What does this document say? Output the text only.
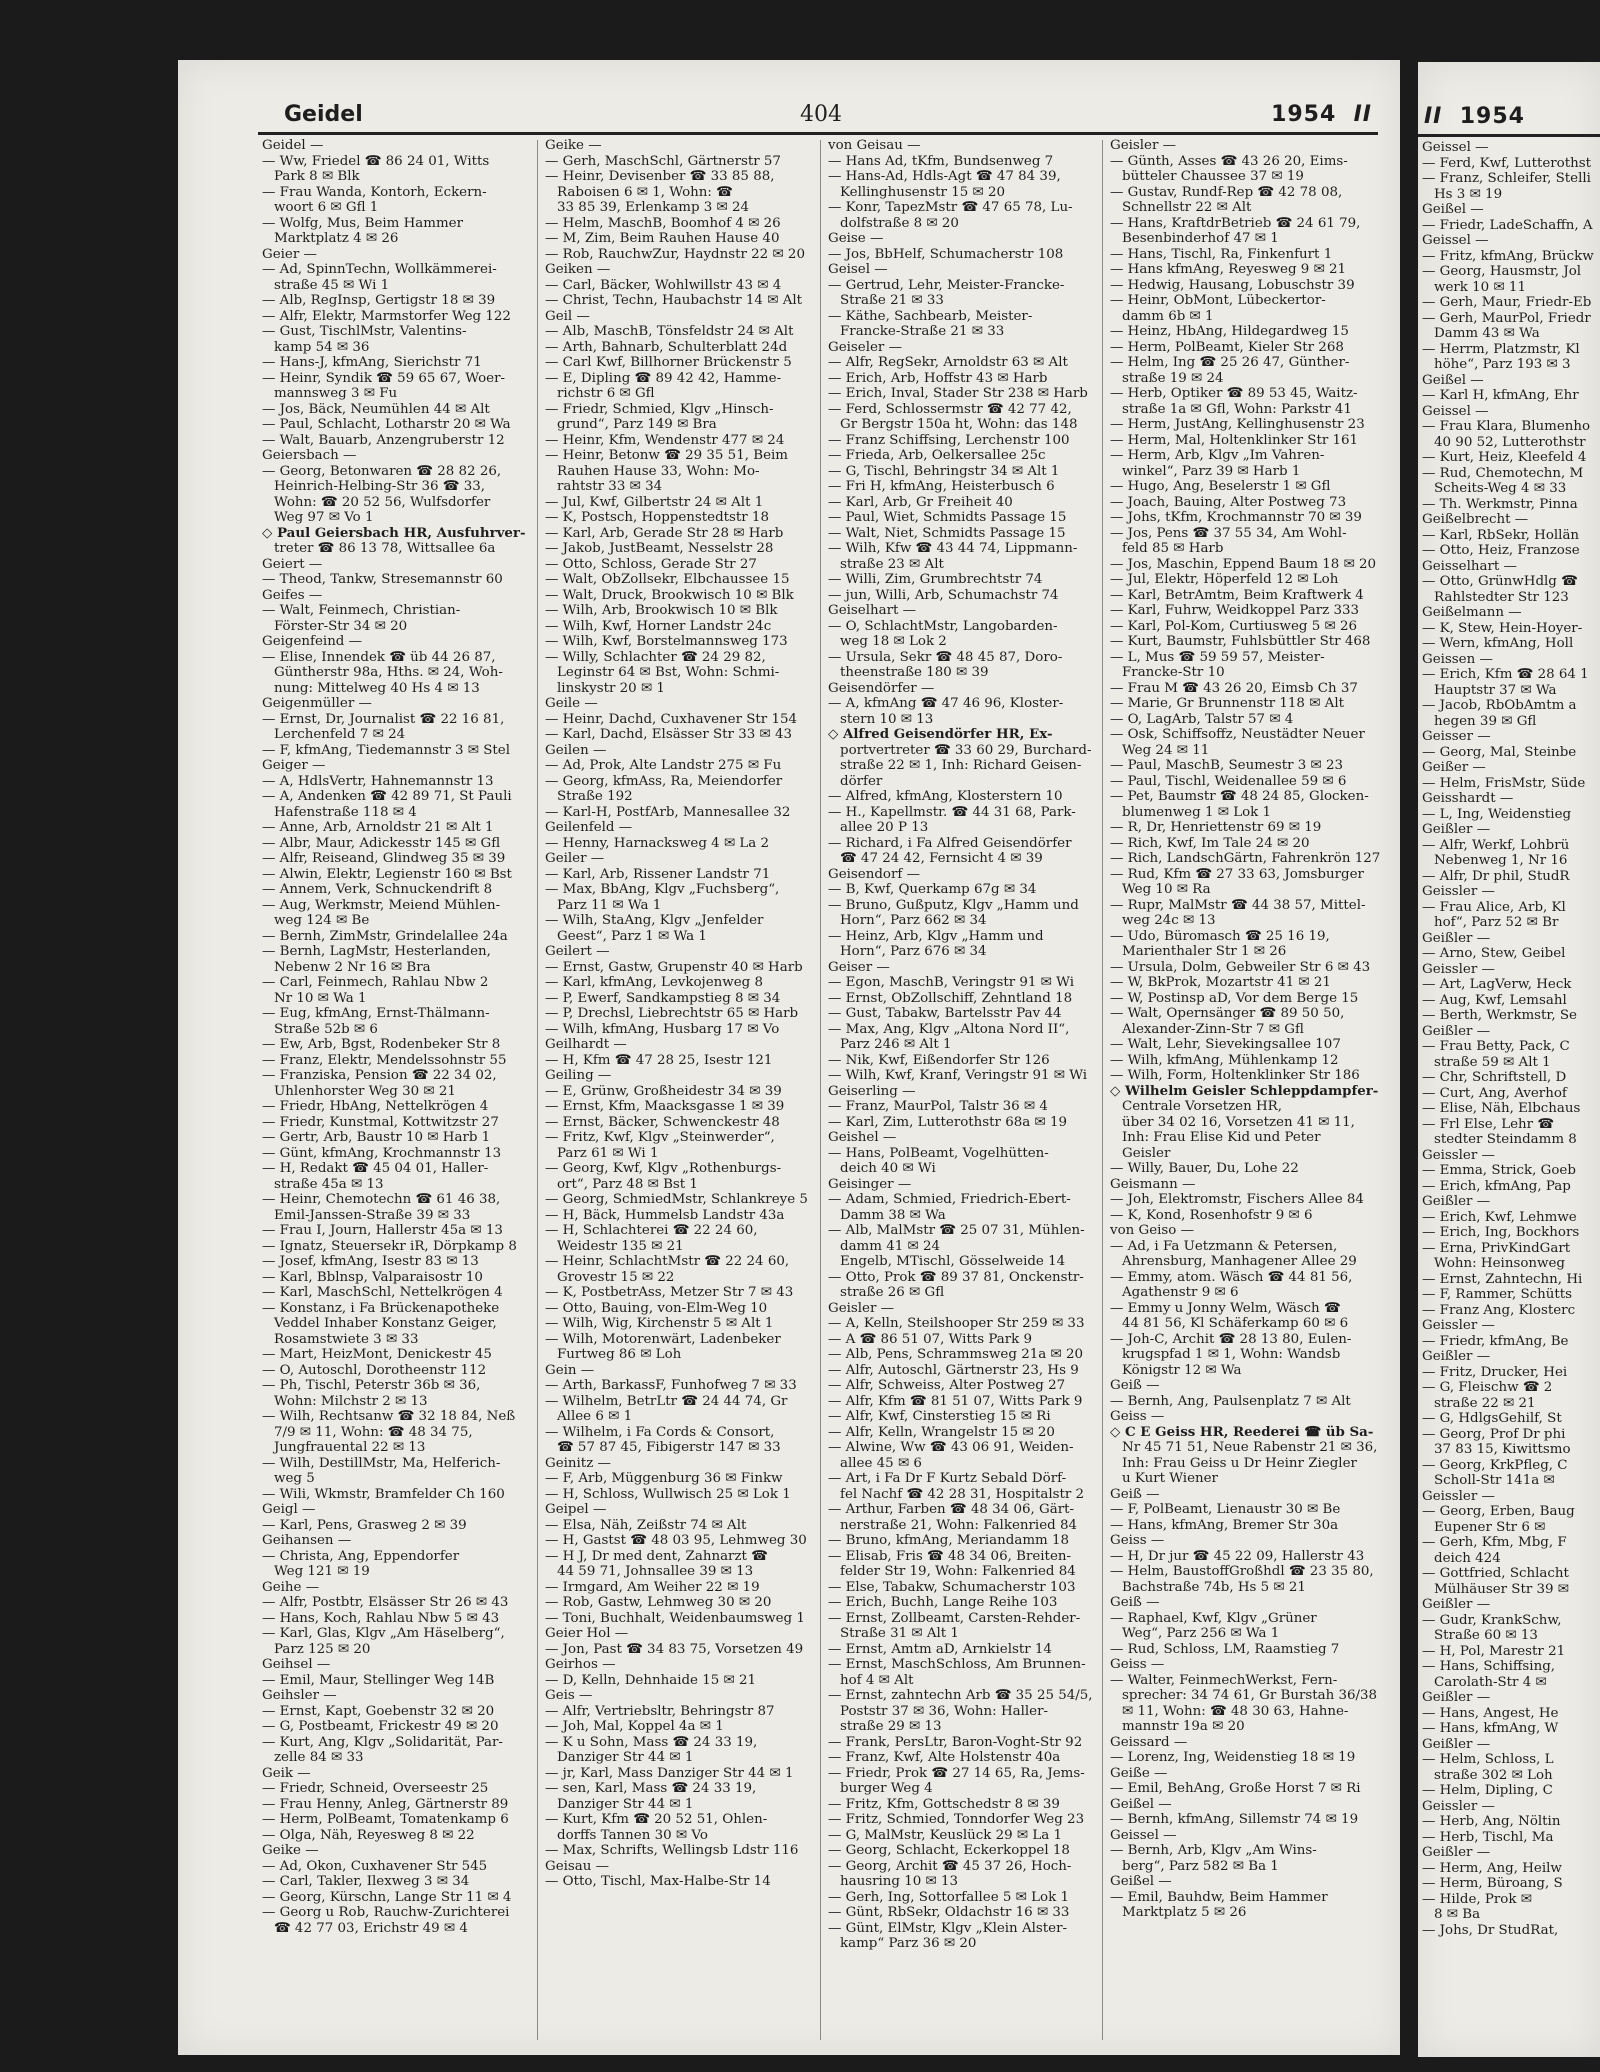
Geidel	404	1954 II
Geidel —
— Ww, Friedel ☎ 86 24 01, Witts
Park 8 ✉ Blk
— Frau Wanda, Kontorh, Eckern-
woort 6 ✉ Gfl 1
— Wolfg, Mus, Beim Hammer
Marktplatz 4 ✉ 26
Geier —
— Ad, SpinnTechn, Wollkämmerei-
straße 45 ✉ Wi 1
— Alb, RegInsp, Gertigstr 18 ✉ 39
— Alfr, Elektr, Marmstorfer Weg 122
— Gust, TischlMstr, Valentins-
kamp 54 ✉ 36
— Hans-J, kfmAng, Sierichstr 71
— Heinr, Syndik ☎ 59 65 67, Woer-
mannsweg 3 ✉ Fu
— Jos, Bäck, Neumühlen 44 ✉ Alt
— Paul, Schlacht, Lotharstr 20 ✉ Wa
— Walt, Bauarb, Anzengruberstr 12
Geiersbach —
— Georg, Betonwaren ☎ 28 82 26,
Heinrich-Helbing-Str 36 ☎ 33,
Wohn: ☎ 20 52 56, Wulfsdorfer
Weg 97 ✉ Vo 1
◇ Paul Geiersbach HR, Ausfuhrver-
treter ☎ 86 13 78, Wittsallee 6a
Geiert —
— Theod, Tankw, Stresemannstr 60
Geifes —
— Walt, Feinmech, Christian-
Förster-Str 34 ✉ 20
Geigenfeind —
— Elise, Innendek ☎ üb 44 26 87,
Güntherstr 98a, Hths. ✉ 24, Woh-
nung: Mittelweg 40 Hs 4 ✉ 13
Geigenmüller —
— Ernst, Dr, Journalist ☎ 22 16 81,
Lerchenfeld 7 ✉ 24
— F, kfmAng, Tiedemannstr 3 ✉ Stel
Geiger —
— A, HdlsVertr, Hahnemannstr 13
— A, Andenken ☎ 42 89 71, St Pauli
Hafenstraße 118 ✉ 4
— Anne, Arb, Arnoldstr 21 ✉ Alt 1
— Albr, Maur, Adickesstr 145 ✉ Gfl
— Alfr, Reiseand, Glindweg 35 ✉ 39
— Alwin, Elektr, Legienstr 160 ✉ Bst
— Annem, Verk, Schnuckendrift 8
— Aug, Werkmstr, Meiend Mühlen-
weg 124 ✉ Be
— Bernh, ZimMstr, Grindelallee 24a
— Bernh, LagMstr, Hesterlanden,
Nebenw 2 Nr 16 ✉ Bra
— Carl, Feinmech, Rahlau Nbw 2
Nr 10 ✉ Wa 1
— Eug, kfmAng, Ernst-Thälmann-
Straße 52b ✉ 6
— Ew, Arb, Bgst, Rodenbeker Str 8
— Franz, Elektr, Mendelssohnstr 55
— Franziska, Pension ☎ 22 34 02,
Uhlenhorster Weg 30 ✉ 21
— Friedr, HbAng, Nettelkrögen 4
— Friedr, Kunstmal, Kottwitzstr 27
— Gertr, Arb, Baustr 10 ✉ Harb 1
— Günt, kfmAng, Krochmannstr 13
— H, Redakt ☎ 45 04 01, Haller-
straße 45a ✉ 13
— Heinr, Chemotechn ☎ 61 46 38,
Emil-Janssen-Straße 39 ✉ 33
— Frau I, Journ, Hallerstr 45a ✉ 13
— Ignatz, Steuersekr iR, Dörpkamp 8
— Josef, kfmAng, Isestr 83 ✉ 13
— Karl, Bblnsp, Valparaisostr 10
— Karl, MaschSchl, Nettelkrögen 4
— Konstanz, i Fa Brückenapotheke
Veddel Inhaber Konstanz Geiger,
Rosamstwiete 3 ✉ 33
— Mart, HeizMont, Denickestr 45
— O, Autoschl, Dorotheenstr 112
— Ph, Tischl, Peterstr 36b ✉ 36,
Wohn: Milchstr 2 ✉ 13
— Wilh, Rechtsanw ☎ 32 18 84, Neß
7/9 ✉ 11, Wohn: ☎ 48 34 75,
Jungfrauental 22 ✉ 13
— Wilh, DestillMstr, Ma, Helferich-
weg 5
— Wili, Wkmstr, Bramfelder Ch 160
Geigl —
— Karl, Pens, Grasweg 2 ✉ 39
Geihansen —
— Christa, Ang, Eppendorfer
Weg 121 ✉ 19
Geihe —
— Alfr, Postbtr, Elsässer Str 26 ✉ 43
— Hans, Koch, Rahlau Nbw 5 ✉ 43
— Karl, Glas, Klgv „Am Häselberg“,
Parz 125 ✉ 20
Geihsel —
— Emil, Maur, Stellinger Weg 14B
Geihsler —
— Ernst, Kapt, Goebenstr 32 ✉ 20
— G, Postbeamt, Frickestr 49 ✉ 20
— Kurt, Ang, Klgv „Solidarität, Par-
zelle 84 ✉ 33
Geik —
— Friedr, Schneid, Overseestr 25
— Frau Henny, Anleg, Gärtnerstr 89
— Herm, PolBeamt, Tomatenkamp 6
— Olga, Näh, Reyesweg 8 ✉ 22
Geike —
— Ad, Okon, Cuxhavener Str 545
— Carl, Takler, Ilexweg 3 ✉ 34
— Georg, Kürschn, Lange Str 11 ✉ 4
— Georg u Rob, Rauchw-Zurichterei
☎ 42 77 03, Erichstr 49 ✉ 4
Geike —
— Gerh, MaschSchl, Gärtnerstr 57
— Heinr, Devisenber ☎ 33 85 88,
Raboisen 6 ✉ 1, Wohn: ☎
33 85 39, Erlenkamp 3 ✉ 24
— Helm, MaschB, Boomhof 4 ✉ 26
— M, Zim, Beim Rauhen Hause 40
— Rob, RauchwZur, Haydnstr 22 ✉ 20
Geiken —
— Carl, Bäcker, Wohlwillstr 43 ✉ 4
— Christ, Techn, Haubachstr 14 ✉ Alt
Geil —
— Alb, MaschB, Tönsfeldstr 24 ✉ Alt
— Arth, Bahnarb, Schulterblatt 24d
— Carl Kwf, Billhorner Brückenstr 5
— E, Dipling ☎ 89 42 42, Hamme-
richstr 6 ✉ Gfl
— Friedr, Schmied, Klgv „Hinsch-
grund“, Parz 149 ✉ Bra
— Heinr, Kfm, Wendenstr 477 ✉ 24
— Heinr, Betonw ☎ 29 35 51, Beim
Rauhen Hause 33, Wohn: Mo-
rahtstr 33 ✉ 34
— Jul, Kwf, Gilbertstr 24 ✉ Alt 1
— K, Postsch, Hoppenstedtstr 18
— Karl, Arb, Gerade Str 28 ✉ Harb
— Jakob, JustBeamt, Nesselstr 28
— Otto, Schloss, Gerade Str 27
— Walt, ObZollsekr, Elbchaussee 15
— Walt, Druck, Brookwisch 10 ✉ Blk
— Wilh, Arb, Brookwisch 10 ✉ Blk
— Wilh, Kwf, Horner Landstr 24c
— Wilh, Kwf, Borstelmannsweg 173
— Willy, Schlachter ☎ 24 29 82,
Leginstr 64 ✉ Bst, Wohn: Schmi-
linskystr 20 ✉ 1
Geile —
— Heinr, Dachd, Cuxhavener Str 154
— Karl, Dachd, Elsässer Str 33 ✉ 43
Geilen —
— Ad, Prok, Alte Landstr 275 ✉ Fu
— Georg, kfmAss, Ra, Meiendorfer
Straße 192
— Karl-H, PostfArb, Mannesallee 32
Geilenfeld —
— Henny, Harnacksweg 4 ✉ La 2
Geiler —
— Karl, Arb, Rissener Landstr 71
— Max, BbAng, Klgv „Fuchsberg“,
Parz 11 ✉ Wa 1
— Wilh, StaAng, Klgv „Jenfelder
Geest“, Parz 1 ✉ Wa 1
Geilert —
— Ernst, Gastw, Grupenstr 40 ✉ Harb
— Karl, kfmAng, Levkojenweg 8
— P, Ewerf, Sandkampstieg 8 ✉ 34
— P, Drechsl, Liebrechtstr 65 ✉ Harb
— Wilh, kfmAng, Husbarg 17 ✉ Vo
Geilhardt —
— H, Kfm ☎ 47 28 25, Isestr 121
Geiling —
— E, Grünw, Großheidestr 34 ✉ 39
— Ernst, Kfm, Maacksgasse 1 ✉ 39
— Ernst, Bäcker, Schwenckestr 48
— Fritz, Kwf, Klgv „Steinwerder“,
Parz 61 ✉ Wi 1
— Georg, Kwf, Klgv „Rothenburgs-
ort“, Parz 48 ✉ Bst 1
— Georg, SchmiedMstr, Schlankreye 5
— H, Bäck, Hummelsb Landstr 43a
— H, Schlachterei ☎ 22 24 60,
Weidestr 135 ✉ 21
— Heinr, SchlachtMstr ☎ 22 24 60,
Grovestr 15 ✉ 22
— K, PostbetrAss, Metzer Str 7 ✉ 43
— Otto, Bauing, von-Elm-Weg 10
— Wilh, Wig, Kirchenstr 5 ✉ Alt 1
— Wilh, Motorenwärt, Ladenbeker
Furtweg 86 ✉ Loh
Gein —
— Arth, BarkassF, Funhofweg 7 ✉ 33
— Wilhelm, BetrLtr ☎ 24 44 74, Gr
Allee 6 ✉ 1
— Wilhelm, i Fa Cords & Consort,
☎ 57 87 45, Fibigerstr 147 ✉ 33
Geinitz —
— F, Arb, Müggenburg 36 ✉ Finkw
— H, Schloss, Wullwisch 25 ✉ Lok 1
Geipel —
— Elsa, Näh, Zeißstr 74 ✉ Alt
— H, Gastst ☎ 48 03 95, Lehmweg 30
— H J, Dr med dent, Zahnarzt ☎
44 59 71, Johnsallee 39 ✉ 13
— Irmgard, Am Weiher 22 ✉ 19
— Rob, Gastw, Lehmweg 30 ✉ 20
— Toni, Buchhalt, Weidenbaumsweg 1
Geier Hol —
— Jon, Past ☎ 34 83 75, Vorsetzen 49
Geirhos —
— D, Kelln, Dehnhaide 15 ✉ 21
Geis —
— Alfr, Vertriebsltr, Behringstr 87
— Joh, Mal, Koppel 4a ✉ 1
— K u Sohn, Mass ☎ 24 33 19,
Danziger Str 44 ✉ 1
— jr, Karl, Mass Danziger Str 44 ✉ 1
— sen, Karl, Mass ☎ 24 33 19,
Danziger Str 44 ✉ 1
— Kurt, Kfm ☎ 20 52 51, Ohlen-
dorffs Tannen 30 ✉ Vo
— Max, Schrifts, Wellingsb Ldstr 116
Geisau —
— Otto, Tischl, Max-Halbe-Str 14
von Geisau —
— Hans Ad, tKfm, Bundsenweg 7
— Hans-Ad, Hdls-Agt ☎ 47 84 39,
Kellinghusenstr 15 ✉ 20
— Konr, TapezMstr ☎ 47 65 78, Lu-
dolfstraße 8 ✉ 20
Geise —
— Jos, BbHelf, Schumacherstr 108
Geisel —
— Gertrud, Lehr, Meister-Francke-
Straße 21 ✉ 33
— Käthe, Sachbearb, Meister-
Francke-Straße 21 ✉ 33
Geiseler —
— Alfr, RegSekr, Arnoldstr 63 ✉ Alt
— Erich, Arb, Hoffstr 43 ✉ Harb
— Erich, Inval, Stader Str 238 ✉ Harb
— Ferd, Schlossermstr ☎ 42 77 42,
Gr Bergstr 150a ht, Wohn: das 148
— Franz Schiffsing, Lerchenstr 100
— Frieda, Arb, Oelkersallee 25c
— G, Tischl, Behringstr 34 ✉ Alt 1
— Fri H, kfmAng, Heisterbusch 6
— Karl, Arb, Gr Freiheit 40
— Paul, Wiet, Schmidts Passage 15
— Walt, Niet, Schmidts Passage 15
— Wilh, Kfw ☎ 43 44 74, Lippmann-
straße 23 ✉ Alt
— Willi, Zim, Grumbrechtstr 74
— jun, Willi, Arb, Schumachstr 74
Geiselhart —
— O, SchlachtMstr, Langobarden-
weg 18 ✉ Lok 2
— Ursula, Sekr ☎ 48 45 87, Doro-
theenstraße 180 ✉ 39
Geisendörfer —
— A, kfmAng ☎ 47 46 96, Kloster-
stern 10 ✉ 13
◇ Alfred Geisendörfer HR, Ex-
portvertreter ☎ 33 60 29, Burchard-
straße 22 ✉ 1, Inh: Richard Geisen-
dörfer
— Alfred, kfmAng, Klosterstern 10
— H., Kapellmstr. ☎ 44 31 68, Park-
allee 20 P 13
— Richard, i Fa Alfred Geisendörfer
☎ 47 24 42, Fernsicht 4 ✉ 39
Geisendorf —
— B, Kwf, Querkamp 67g ✉ 34
— Bruno, Gußputz, Klgv „Hamm und
Horn“, Parz 662 ✉ 34
— Heinz, Arb, Klgv „Hamm und
Horn“, Parz 676 ✉ 34
Geiser —
— Egon, MaschB, Veringstr 91 ✉ Wi
— Ernst, ObZollschiff, Zehntland 18
— Gust, Tabakw, Bartelsstr Pav 44
— Max, Ang, Klgv „Altona Nord II“,
Parz 246 ✉ Alt 1
— Nik, Kwf, Eißendorfer Str 126
— Wilh, Kwf, Kranf, Veringstr 91 ✉ Wi
Geiserling —
— Franz, MaurPol, Talstr 36 ✉ 4
— Karl, Zim, Lutterothstr 68a ✉ 19
Geishel —
— Hans, PolBeamt, Vogelhütten-
deich 40 ✉ Wi
Geisinger —
— Adam, Schmied, Friedrich-Ebert-
Damm 38 ✉ Wa
— Alb, MalMstr ☎ 25 07 31, Mühlen-
damm 41 ✉ 24
Engelb, MTischl, Gösselweide 14
— Otto, Prok ☎ 89 37 81, Onckenstr-
straße 26 ✉ Gfl
Geisler —
— A, Kelln, Steilshooper Str 259 ✉ 33
— A ☎ 86 51 07, Witts Park 9
— Alb, Pens, Schrammsweg 21a ✉ 20
— Alfr, Autoschl, Gärtnerstr 23, Hs 9
— Alfr, Schweiss, Alter Postweg 27
— Alfr, Kfm ☎ 81 51 07, Witts Park 9
— Alfr, Kwf, Cinsterstieg 15 ✉ Ri
— Alfr, Kelln, Wrangelstr 15 ✉ 20
— Alwine, Ww ☎ 43 06 91, Weiden-
allee 45 ✉ 6
— Art, i Fa Dr F Kurtz Sebald Dörf-
fel Nachf ☎ 42 28 31, Hospitalstr 2
— Arthur, Farben ☎ 48 34 06, Gärt-
nerstraße 21, Wohn: Falkenried 84
— Bruno, kfmAng, Meriandamm 18
— Elisab, Fris ☎ 48 34 06, Breiten-
felder Str 19, Wohn: Falkenried 84
— Else, Tabakw, Schumacherstr 103
— Erich, Buchh, Lange Reihe 103
— Ernst, Zollbeamt, Carsten-Rehder-
Straße 31 ✉ Alt 1
— Ernst, Amtm aD, Arnkielstr 14
— Ernst, MaschSchloss, Am Brunnen-
hof 4 ✉ Alt
— Ernst, zahntechn Arb ☎ 35 25 54/5,
Poststr 37 ✉ 36, Wohn: Haller-
straße 29 ✉ 13
— Frank, PersLtr, Baron-Voght-Str 92
— Franz, Kwf, Alte Holstenstr 40a
— Friedr, Prok ☎ 27 14 65, Ra, Jems-
burger Weg 4
— Fritz, Kfm, Gottschedstr 8 ✉ 39
— Fritz, Schmied, Tonndorfer Weg 23
— G, MalMstr, Keuslück 29 ✉ La 1
— Georg, Schlacht, Eckerkoppel 18
— Georg, Archit ☎ 45 37 26, Hoch-
hausring 10 ✉ 13
— Gerh, Ing, Sottorfallee 5 ✉ Lok 1
— Günt, RbSekr, Oldachstr 16 ✉ 33
— Günt, ElMstr, Klgv „Klein Alster-
kamp“ Parz 36 ✉ 20
Geisler —
— Günth, Asses ☎ 43 26 20, Eims-
bütteler Chaussee 37 ✉ 19
— Gustav, Rundf-Rep ☎ 42 78 08,
Schnellstr 22 ✉ Alt
— Hans, KraftdrBetrieb ☎ 24 61 79,
Besenbinderhof 47 ✉ 1
— Hans, Tischl, Ra, Finkenfurt 1
— Hans kfmAng, Reyesweg 9 ✉ 21
— Hedwig, Hausang, Lobuschstr 39
— Heinr, ObMont, Lübeckertor-
damm 6b ✉ 1
— Heinz, HbAng, Hildegardweg 15
— Herm, PolBeamt, Kieler Str 268
— Helm, Ing ☎ 25 26 47, Günther-
straße 19 ✉ 24
— Herb, Optiker ☎ 89 53 45, Waitz-
straße 1a ✉ Gfl, Wohn: Parkstr 41
— Herm, JustAng, Kellinghusenstr 23
— Herm, Mal, Holtenklinker Str 161
— Herm, Arb, Klgv „Im Vahren-
winkel“, Parz 39 ✉ Harb 1
— Hugo, Ang, Beselerstr 1 ✉ Gfl
— Joach, Bauing, Alter Postweg 73
— Johs, tKfm, Krochmannstr 70 ✉ 39
— Jos, Pens ☎ 37 55 34, Am Wohl-
feld 85 ✉ Harb
— Jos, Maschin, Eppend Baum 18 ✉ 20
— Jul, Elektr, Höperfeld 12 ✉ Loh
— Karl, BetrAmtm, Beim Kraftwerk 4
— Karl, Fuhrw, Weidkoppel Parz 333
— Karl, Pol-Kom, Curtiusweg 5 ✉ 26
— Kurt, Baumstr, Fuhlsbüttler Str 468
— L, Mus ☎ 59 59 57, Meister-
Francke-Str 10
— Frau M ☎ 43 26 20, Eimsb Ch 37
— Marie, Gr Brunnenstr 118 ✉ Alt
— O, LagArb, Talstr 57 ✉ 4
— Osk, Schiffsoffz, Neustädter Neuer
Weg 24 ✉ 11
— Paul, MaschB, Seumestr 3 ✉ 23
— Paul, Tischl, Weidenallee 59 ✉ 6
— Pet, Baumstr ☎ 48 24 85, Glocken-
blumenweg 1 ✉ Lok 1
— R, Dr, Henriettenstr 69 ✉ 19
— Rich, Kwf, Im Tale 24 ✉ 20
— Rich, LandschGärtn, Fahrenkrön 127
— Rud, Kfm ☎ 27 33 63, Jomsburger
Weg 10 ✉ Ra
— Rupr, MalMstr ☎ 44 38 57, Mittel-
weg 24c ✉ 13
— Udo, Büromasch ☎ 25 16 19,
Marienthaler Str 1 ✉ 26
— Ursula, Dolm, Gebweiler Str 6 ✉ 43
— W, BkProk, Mozartstr 41 ✉ 21
— W, Postinsp aD, Vor dem Berge 15
— Walt, Opernsänger ☎ 89 50 50,
Alexander-Zinn-Str 7 ✉ Gfl
— Walt, Lehr, Sievekingsallee 107
— Wilh, kfmAng, Mühlenkamp 12
— Wilh, Form, Holtenklinker Str 186
◇ Wilhelm Geisler Schleppdampfer-
Centrale Vorsetzen HR,
über 34 02 16, Vorsetzen 41 ✉ 11,
Inh: Frau Elise Kid und Peter
Geisler
— Willy, Bauer, Du, Lohe 22
Geismann —
— Joh, Elektromstr, Fischers Allee 84
— K, Kond, Rosenhofstr 9 ✉ 6
von Geiso —
— Ad, i Fa Uetzmann & Petersen,
Ahrensburg, Manhagener Allee 29
— Emmy, atom. Wäsch ☎ 44 81 56,
Agathenstr 9 ✉ 6
— Emmy u Jonny Welm, Wäsch ☎
44 81 56, Kl Schäferkamp 60 ✉ 6
— Joh-C, Archit ☎ 28 13 80, Eulen-
krugspfad 1 ✉ 1, Wohn: Wandsb
Königstr 12 ✉ Wa
Geiß —
— Bernh, Ang, Paulsenplatz 7 ✉ Alt
Geiss —
◇ C E Geiss HR, Reederei ☎ üb Sa-
Nr 45 71 51, Neue Rabenstr 21 ✉ 36,
Inh: Frau Geiss u Dr Heinr Ziegler
u Kurt Wiener
Geiß —
— F, PolBeamt, Lienaustr 30 ✉ Be
— Hans, kfmAng, Bremer Str 30a
Geiss —
— H, Dr jur ☎ 45 22 09, Hallerstr 43
— Helm, BaustoffGroßhdl ☎ 23 35 80,
Bachstraße 74b, Hs 5 ✉ 21
Geiß —
— Raphael, Kwf, Klgv „Grüner
Weg“, Parz 256 ✉ Wa 1
— Rud, Schloss, LM, Raamstieg 7
Geiss —
— Walter, FeinmechWerkst, Fern-
sprecher: 34 74 61, Gr Burstah 36/38
✉ 11, Wohn: ☎ 48 30 63, Hahne-
mannstr 19a ✉ 20
Geissard —
— Lorenz, Ing, Weidenstieg 18 ✉ 19
Geiße —
— Emil, BehAng, Große Horst 7 ✉ Ri
Geißel —
— Bernh, kfmAng, Sillemstr 74 ✉ 19
Geissel —
— Bernh, Arb, Klgv „Am Wins-
berg“, Parz 582 ✉ Ba 1
Geißel —
— Emil, Bauhdw, Beim Hammer
Marktplatz 5 ✉ 26
II 1954
Geissel —
— Ferd, Kwf, Lutterothst
— Franz, Schleifer, Stelli
Hs 3 ✉ 19
Geißel —
— Friedr, LadeSchaffn, A
Geissel —
— Fritz, kfmAng, Brückw
— Georg, Hausmstr, Jol
werk 10 ✉ 11
— Gerh, Maur, Friedr-Eb
— Gerh, MaurPol, Friedr
Damm 43 ✉ Wa
— Herrm, Platzmstr, Kl
höhe“, Parz 193 ✉ 3
Geißel —
— Karl H, kfmAng, Ehr
Geissel —
— Frau Klara, Blumenho
40 90 52, Lutterothstr
— Kurt, Heiz, Kleefeld 4
— Rud, Chemotechn, M
Scheits-Weg 4 ✉ 33
— Th. Werkmstr, Pinna
Geißelbrecht —
— Karl, RbSekr, Hollän
— Otto, Heiz, Franzose
Geisselhart —
— Otto, GrünwHdlg ☎
Rahlstedter Str 123
Geißelmann —
— K, Stew, Hein-Hoyer-
— Wern, kfmAng, Holl
Geissen —
— Erich, Kfm ☎ 28 64 1
Hauptstr 37 ✉ Wa
— Jacob, RbObAmtm a
hegen 39 ✉ Gfl
Geisser —
— Georg, Mal, Steinbe
Geißer —
— Helm, FrisMstr, Süde
Geisshardt —
— L, Ing, Weidenstieg
Geißler —
— Alfr, Werkf, Lohbrü
Nebenweg 1, Nr 16
— Alfr, Dr phil, StudR
Geissler —
— Frau Alice, Arb, Kl
hof“, Parz 52 ✉ Br
Geißler —
— Arno, Stew, Geibel
Geissler —
— Art, LagVerw, Heck
— Aug, Kwf, Lemsahl
— Berth, Werkmstr, Se
Geißler —
— Frau Betty, Pack, C
straße 59 ✉ Alt 1
— Chr, Schriftstell, D
— Curt, Ang, Averhof
— Elise, Näh, Elbchaus
— Frl Else, Lehr ☎
stedter Steindamm 8
Geissler —
— Emma, Strick, Goeb
— Erich, kfmAng, Pap
Geißler —
— Erich, Kwf, Lehmwe
— Erich, Ing, Bockhors
— Erna, PrivKindGart
Wohn: Heinsonweg
— Ernst, Zahntechn, Hi
— F, Rammer, Schütts
— Franz Ang, Klosterc
Geissler —
— Friedr, kfmAng, Be
Geißler —
— Fritz, Drucker, Hei
— G, Fleischw ☎ 2
straße 22 ✉ 21
— G, HdlgsGehilf, St
— Georg, Prof Dr phi
37 83 15, Kiwittsmo
— Georg, KrkPfleg, C
Scholl-Str 141a ✉
Geissler —
— Georg, Erben, Baug
Eupener Str 6 ✉
— Gerh, Kfm, Mbg, F
deich 424
— Gottfried, Schlacht
Mülhäuser Str 39 ✉
Geißler —
— Gudr, KrankSchw,
Straße 60 ✉ 13
— H, Pol, Marestr 21
— Hans, Schiffsing,
Carolath-Str 4 ✉
Geißler —
— Hans, Angest, He
— Hans, kfmAng, W
Geißler —
— Helm, Schloss, L
straße 302 ✉ Loh
— Helm, Dipling, C
Geissler —
— Herb, Ang, Nöltin
— Herb, Tischl, Ma
Geißler —
— Herm, Ang, Heilw
— Herm, Büroang, S
— Hilde, Prok ✉
8 ✉ Ba
— Johs, Dr StudRat,
